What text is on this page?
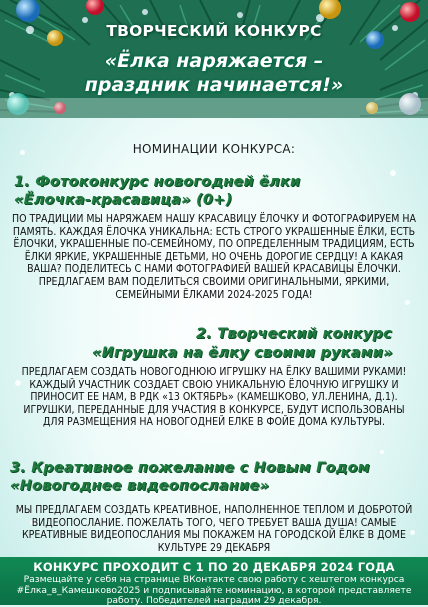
ТВОРЧЕСКИЙ КОНКУРС
«Ёлка наряжается –
праздник начинается!»
НОМИНАЦИИ КОНКУРСА:
1. Фотоконкурс новогодней ёлки
«Ёлочка-красавица» (0+)
ПО ТРАДИЦИИ МЫ НАРЯЖАЕМ НАШУ КРАСАВИЦУ ЁЛОЧКУ И ФОТОГРАФИРУЕМ НА ПАМЯТЬ. КАЖДАЯ ЁЛОЧКА УНИКАЛЬНА: ЕСТЬ СТРОГО УКРАШЕННЫЕ ЁЛКИ, ЕСТЬ ЁЛОЧКИ, УКРАШЕННЫЕ ПО-СЕМЕЙНОМУ, ПО ОПРЕДЕЛЕННЫМ ТРАДИЦИЯМ, ЕСТЬ ЁЛКИ ЯРКИЕ, УКРАШЕННЫЕ ДЕТЬМИ, НО ОЧЕНЬ ДОРОГИЕ СЕРДЦУ! А КАКАЯ ВАША? ПОДЕЛИТЕСЬ С НАМИ ФОТОГРАФИЕЙ ВАШЕЙ КРАСАВИЦЫ ЁЛОЧКИ. ПРЕДЛАГАЕМ ВАМ ПОДЕЛИТЬСЯ СВОИМИ ОРИГИНАЛЬНЫМИ, ЯРКИМИ, СЕМЕЙНЫМИ ЁЛКАМИ 2024-2025 ГОДА!
2. Творческий конкурс
«Игрушка на ёлку своими руками»
ПРЕДЛАГАЕМ СОЗДАТЬ НОВОГОДНЮЮ ИГРУШКУ НА ЁЛКУ ВАШИМИ РУКАМИ! КАЖДЫЙ УЧАСТНИК СОЗДАЕТ СВОЮ УНИКАЛЬНУЮ ЁЛОЧНУЮ ИГРУШКУ И ПРИНОСИТ ЕЕ НАМ, В РДК «13 ОКТЯБРЬ» (КАМЕШКОВО, УЛ.ЛЕНИНА, Д.1). ИГРУШКИ, ПЕРЕДАННЫЕ ДЛЯ УЧАСТИЯ В КОНКУРСЕ, БУДУТ ИСПОЛЬЗОВАНЫ ДЛЯ РАЗМЕЩЕНИЯ НА НОВОГОДНЕЙ ЕЛКЕ В ФОЙЕ ДОМА КУЛЬТУРЫ.
3. Креативное пожелание с Новым Годом
«Новогоднее видеопослание»
МЫ ПРЕДЛАГАЕМ СОЗДАТЬ КРЕАТИВНОЕ, НАПОЛНЕННОЕ ТЕПЛОМ И ДОБРОТОЙ ВИДЕОПОСЛАНИЕ. ПОЖЕЛАТЬ ТОГО, ЧЕГО ТРЕБУЕТ ВАША ДУША! САМЫЕ КРЕАТИВНЫЕ ВИДЕОПОСЛАНИЯ МЫ ПОКАЖЕМ НА ГОРОДСКОЙ ЁЛКЕ В ДОМЕ КУЛЬТУРЕ 29 ДЕКАБРЯ
КОНКУРС ПРОХОДИТ С 1 ПО 20 ДЕКАБРЯ 2024 ГОДА
Размещайте у себя на странице ВКонтакте свою работу с хештегом конкурса #Ёлка_в_Камешково2025 и подписывайте номинацию, в которой представляете работу. Победителей наградим 29 декабря.
